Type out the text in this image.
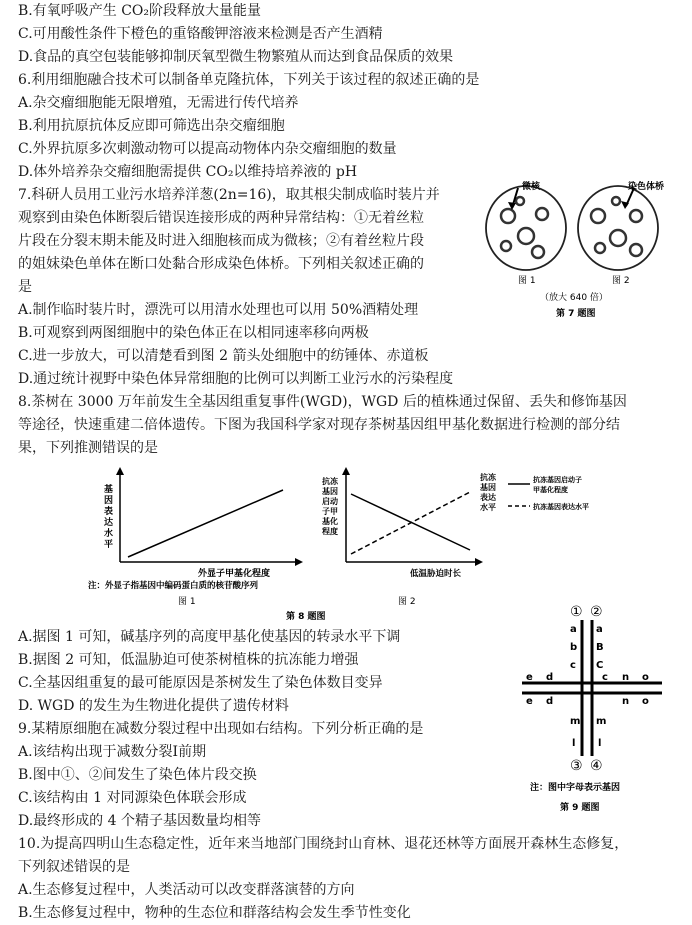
B.有氧呼吸产生 CO₂阶段释放大量能量
C.可用酸性条件下橙色的重铬酸钾溶液来检测是否产生酒精
D.食品的真空包装能够抑制厌氧型微生物繁殖从而达到食品保质的效果
6.利用细胞融合技术可以制备单克隆抗体，下列关于该过程的叙述正确的是
A.杂交瘤细胞能无限增殖，无需进行传代培养
B.利用抗原抗体反应即可筛选出杂交瘤细胞
C.外界抗原多次刺激动物可以提高动物体内杂交瘤细胞的数量
D.体外培养杂交瘤细胞需提供 CO₂以维持培养液的 pH
7.科研人员用工业污水培养洋葱(2n=16)，取其根尖制成临时装片并
观察到由染色体断裂后错误连接形成的两种异常结构：①无着丝粒
片段在分裂末期未能及时进入细胞核而成为微核；②有着丝粒片段
的姐妹染色单体在断口处黏合形成染色体桥。下列相关叙述正确的
是
A.制作临时装片时，漂洗可以用清水处理也可以用 50%酒精处理
B.可观察到两图细胞中的染色体正在以相同速率移向两极
C.进一步放大，可以清楚看到图 2 箭头处细胞中的纺锤体、赤道板
D.通过统计视野中染色体异常细胞的比例可以判断工业污水的污染程度
8.茶树在 3000 万年前发生全基因组重复事件(WGD)，WGD 后的植株通过保留、丢失和修饰基因
等途径，快速重建二倍体遗传。下图为我国科学家对现存茶树基因组甲基化数据进行检测的部分结
果，下列推测错误的是
A.据图 1 可知，碱基序列的高度甲基化使基因的转录水平下调
B.据图 2 可知，低温胁迫可使茶树植株的抗冻能力增强
C.全基因组重复的最可能原因是茶树发生了染色体数目变异
D. WGD 的发生为生物进化提供了遗传材料
9.某精原细胞在减数分裂过程中出现如右结构。下列分析正确的是
A.该结构出现于减数分裂Ⅰ前期
B.图中①、②间发生了染色体片段交换
C.该结构由 1 对同源染色体联会形成
D.最终形成的 4 个精子基因数量均相等
10.为提高四明山生态稳定性，近年来当地部门围绕封山育林、退花还林等方面展开森林生态修复，
下列叙述错误的是
A.生态修复过程中，人类活动可以改变群落演替的方向
B.生态修复过程中，物种的生态位和群落结构会发生季节性变化
微核	染色体桥
图 1	图 2
（放大 640 倍）
第 7 题图
基
因
表
达
水
平
外显子甲基化程度
注：外显子指基因中编码蛋白质的核苷酸序列
图 1
抗冻
基因
启动
子甲
基化
程度
抗冻
基因
表达
水平
低温胁迫时长
图 2
抗冻基因启动子
甲基化程度
抗冻基因表达水平
第 8 题图	① ②
③ ④
a a
b B
c C
e d	c n o
e d	n o
m m
l l
注：图中字母表示基因
第 9 题图
